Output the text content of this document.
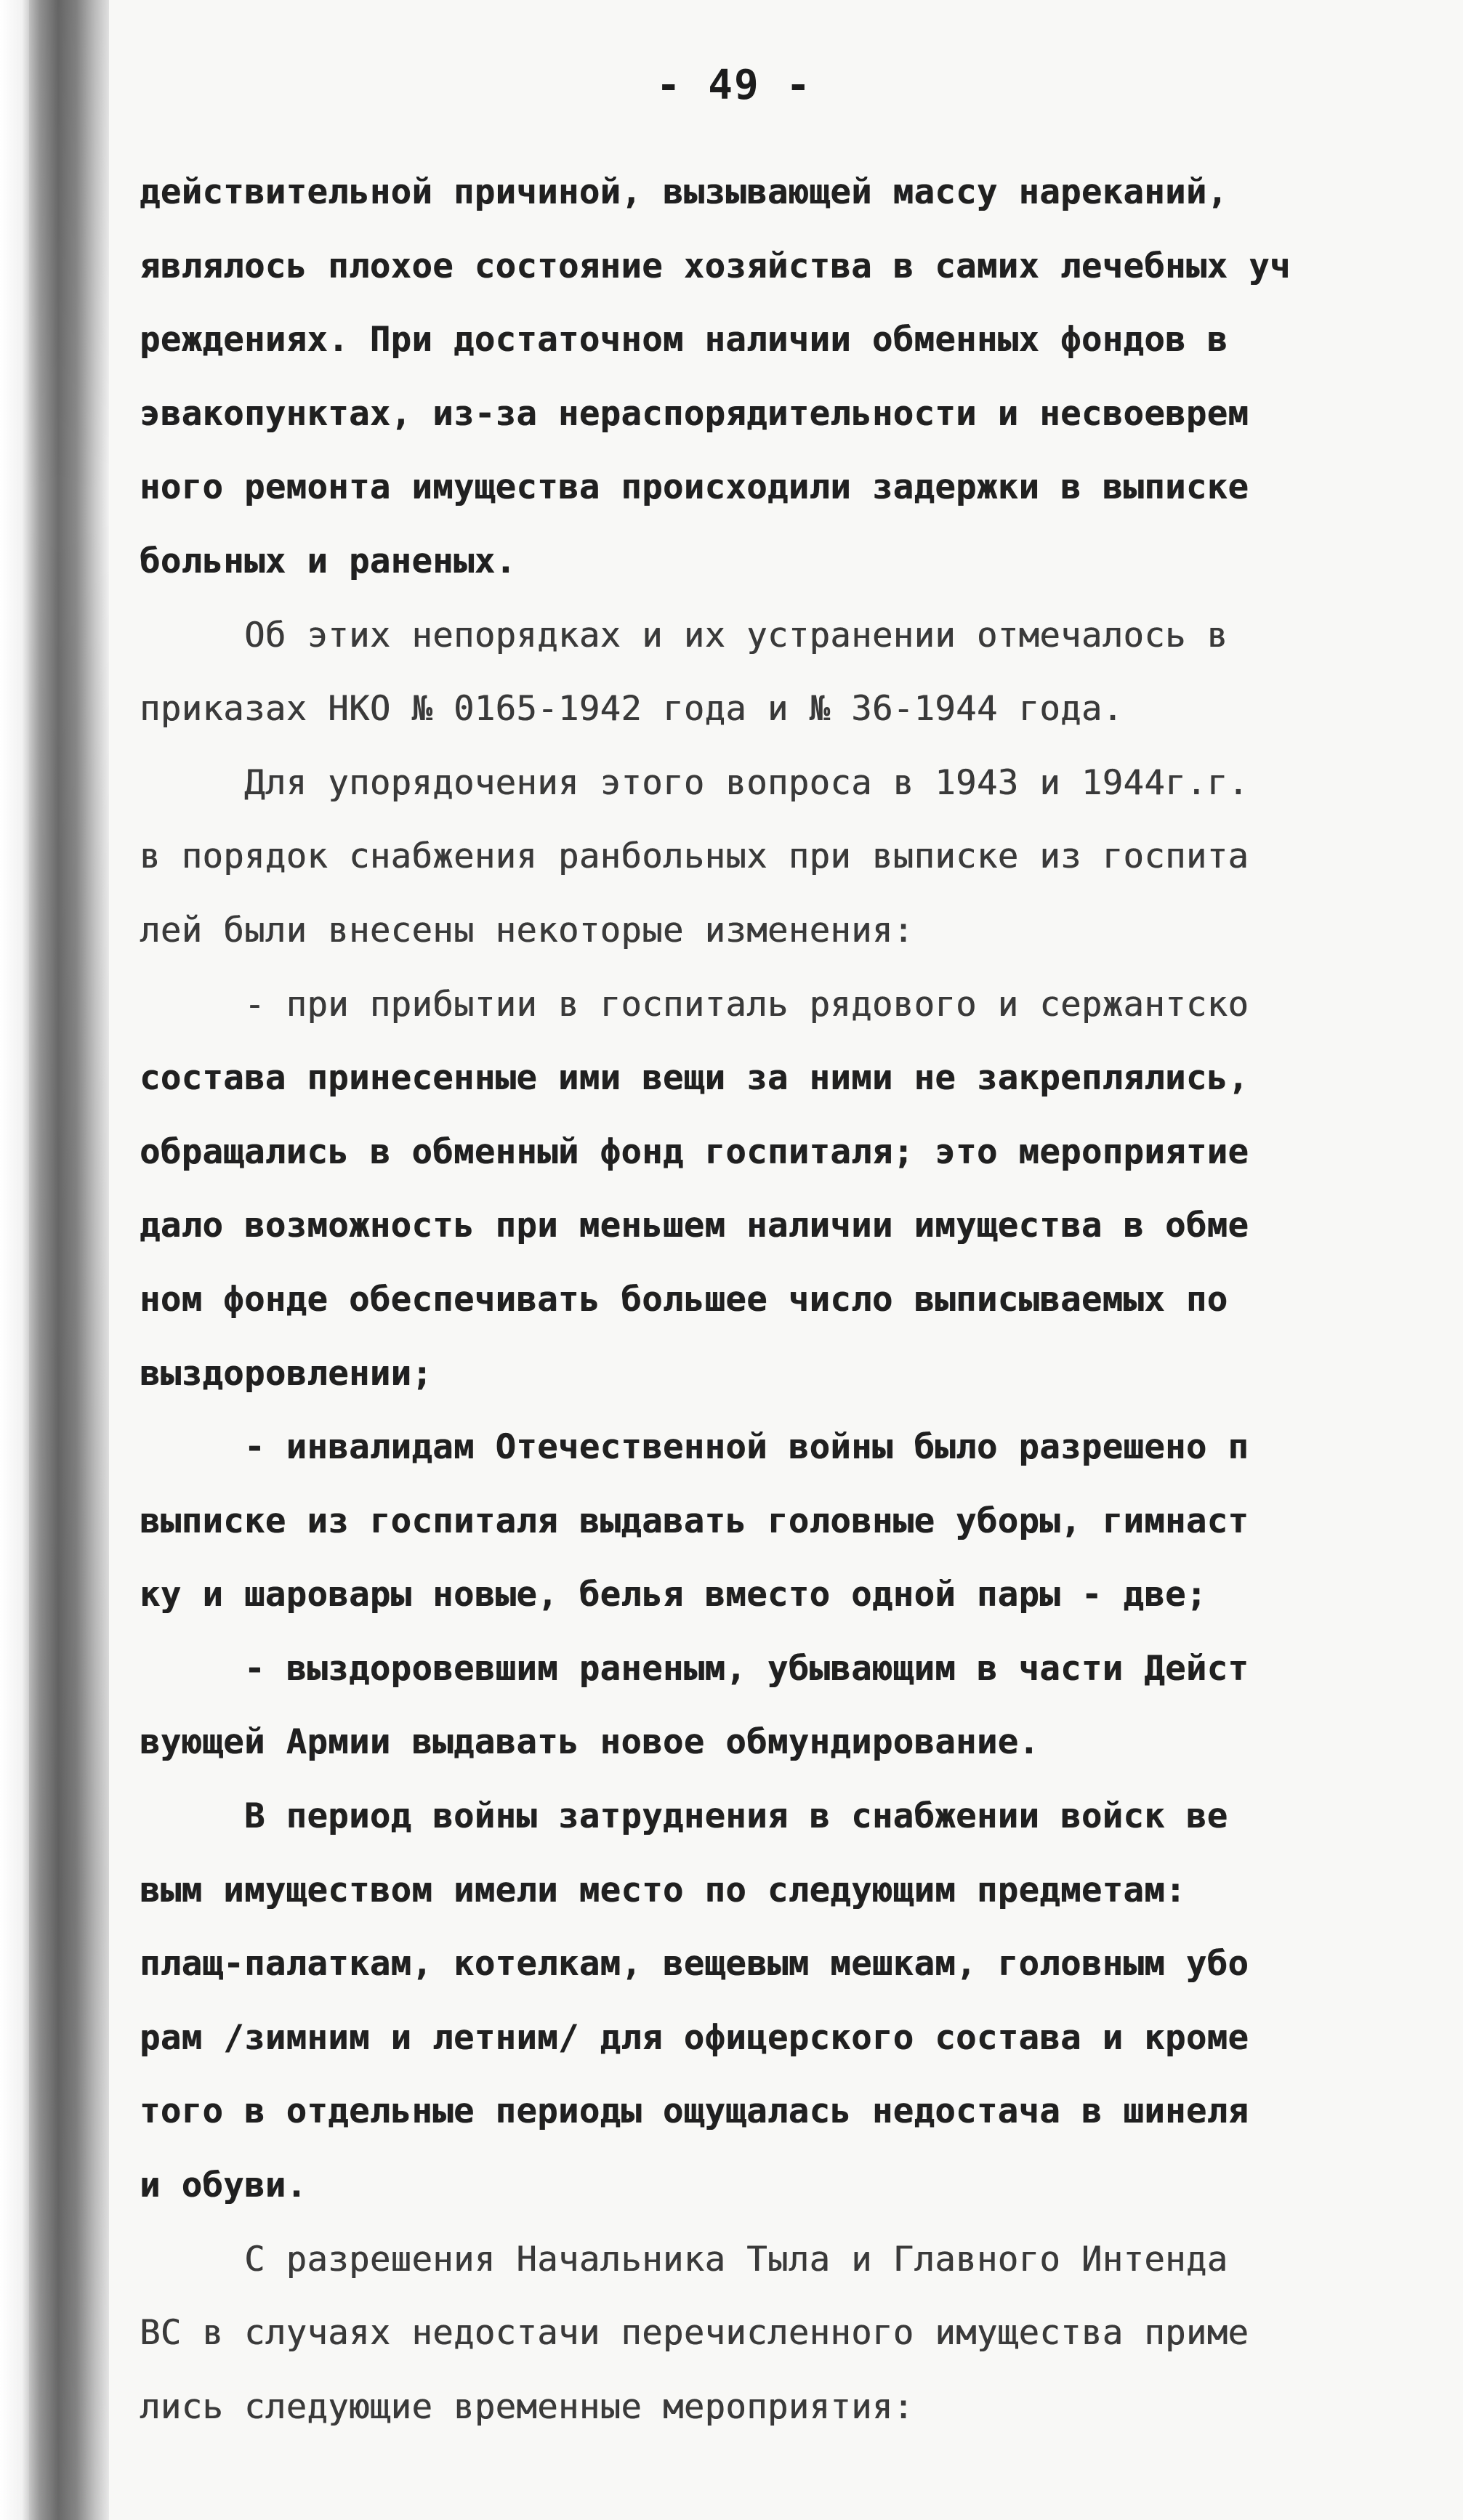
- 49 -
действительной причиной, вызывающей массу нареканий,
являлось плохое состояние хозяйства в самих лечебных уч
реждениях. При достаточном наличии обменных фондов в
эвакопунктах, из-за нераспорядительности и несвоеврем
ного ремонта имущества происходили задержки в выписке
больных и раненых.
Об этих непорядках и их устранении отмечалось в
приказах НКО № 0165-1942 года и № 36-1944 года.
Для упорядочения этого вопроса в 1943 и 1944г.г.
в порядок снабжения ранбольных при выписке из госпита
лей были внесены некоторые изменения:
- при прибытии в госпиталь рядового и сержантско
состава принесенные ими вещи за ними не закреплялись,
обращались в обменный фонд госпиталя; это мероприятие
дало возможность при меньшем наличии имущества в обме
ном фонде обеспечивать большее число выписываемых по
выздоровлении;
- инвалидам Отечественной войны было разрешено п
выписке из госпиталя выдавать головные уборы, гимнаст
ку и шаровары новые, белья вместо одной пары - две;
- выздоровевшим раненым, убывающим в части Дейст
вующей Армии выдавать новое обмундирование.
В период войны затруднения в снабжении войск ве
вым имуществом имели место по следующим предметам:
плащ-палаткам, котелкам, вещевым мешкам, головным убо
рам /зимним и летним/ для офицерского состава и кроме
того в отдельные периоды ощущалась недостача в шинеля
и обуви.
С разрешения Начальника Тыла и Главного Интенда
ВС в случаях недостачи перечисленного имущества приме
лись следующие временные мероприятия:
